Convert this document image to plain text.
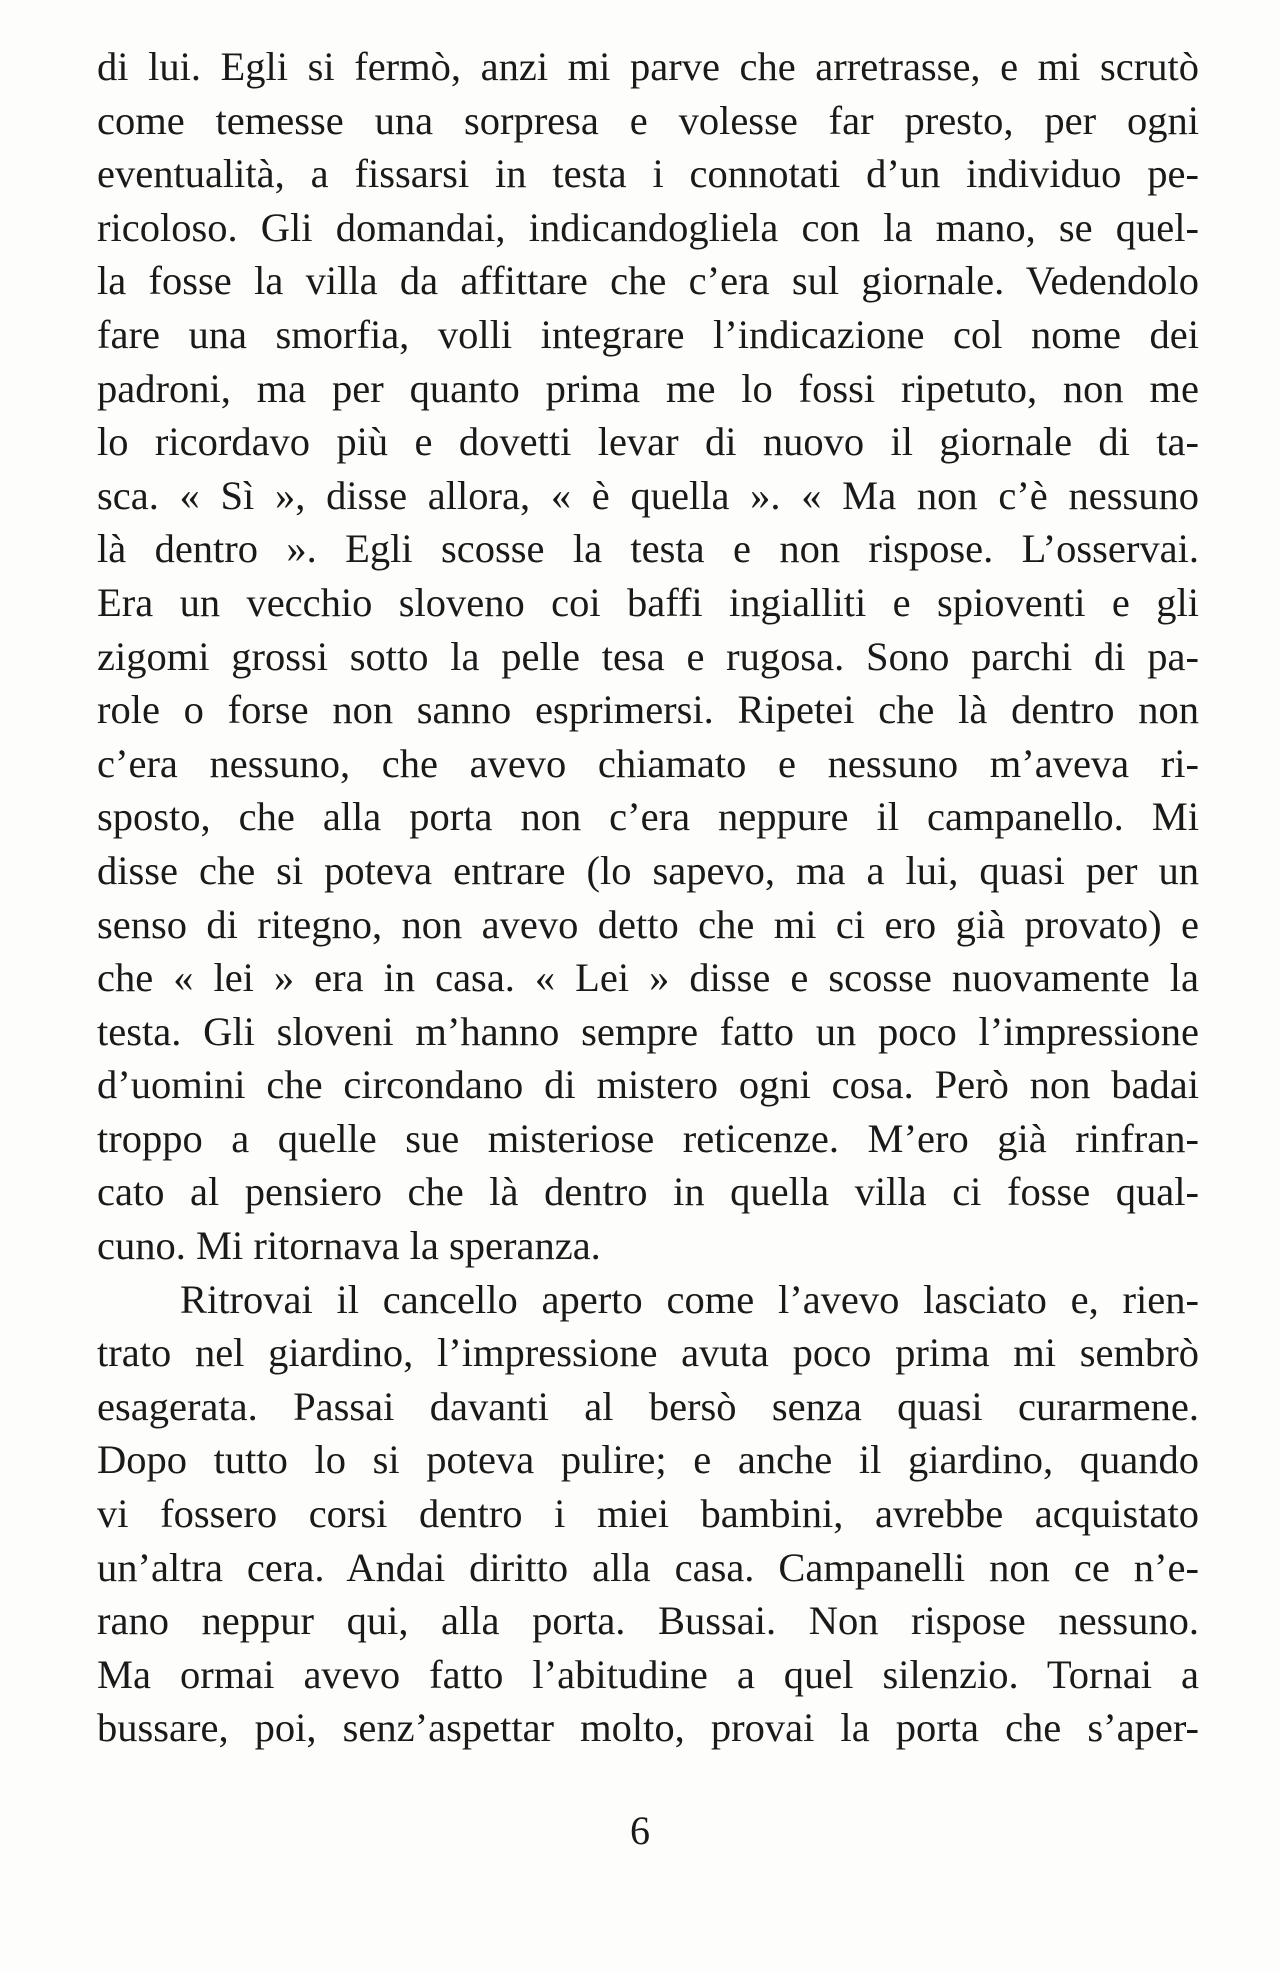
di lui. Egli si fermò, anzi mi parve che arretrasse, e mi scrutò
come temesse una sorpresa e volesse far presto, per ogni
eventualità, a fissarsi in testa i connotati d’un individuo pe-
ricoloso. Gli domandai, indicandogliela con la mano, se quel-
la fosse la villa da affittare che c’era sul giornale. Vedendolo
fare una smorfia, volli integrare l’indicazione col nome dei
padroni, ma per quanto prima me lo fossi ripetuto, non me
lo ricordavo più e dovetti levar di nuovo il giornale di ta-
sca. « Sì », disse allora, « è quella ». « Ma non c’è nessuno
là dentro ». Egli scosse la testa e non rispose. L’osservai.
Era un vecchio sloveno coi baffi ingialliti e spioventi e gli
zigomi grossi sotto la pelle tesa e rugosa. Sono parchi di pa-
role o forse non sanno esprimersi. Ripetei che là dentro non
c’era nessuno, che avevo chiamato e nessuno m’aveva ri-
sposto, che alla porta non c’era neppure il campanello. Mi
disse che si poteva entrare (lo sapevo, ma a lui, quasi per un
senso di ritegno, non avevo detto che mi ci ero già provato) e
che « lei » era in casa. « Lei » disse e scosse nuovamente la
testa. Gli sloveni m’hanno sempre fatto un poco l’impressione
d’uomini che circondano di mistero ogni cosa. Però non badai
troppo a quelle sue misteriose reticenze. M’ero già rinfran-
cato al pensiero che là dentro in quella villa ci fosse qual-
cuno. Mi ritornava la speranza.
Ritrovai il cancello aperto come l’avevo lasciato e, rien-
trato nel giardino, l’impressione avuta poco prima mi sembrò
esagerata. Passai davanti al bersò senza quasi curarmene.
Dopo tutto lo si poteva pulire; e anche il giardino, quando
vi fossero corsi dentro i miei bambini, avrebbe acquistato
un’altra cera. Andai diritto alla casa. Campanelli non ce n’e-
rano neppur qui, alla porta. Bussai. Non rispose nessuno.
Ma ormai avevo fatto l’abitudine a quel silenzio. Tornai a
bussare, poi, senz’aspettar molto, provai la porta che s’aper-
6
